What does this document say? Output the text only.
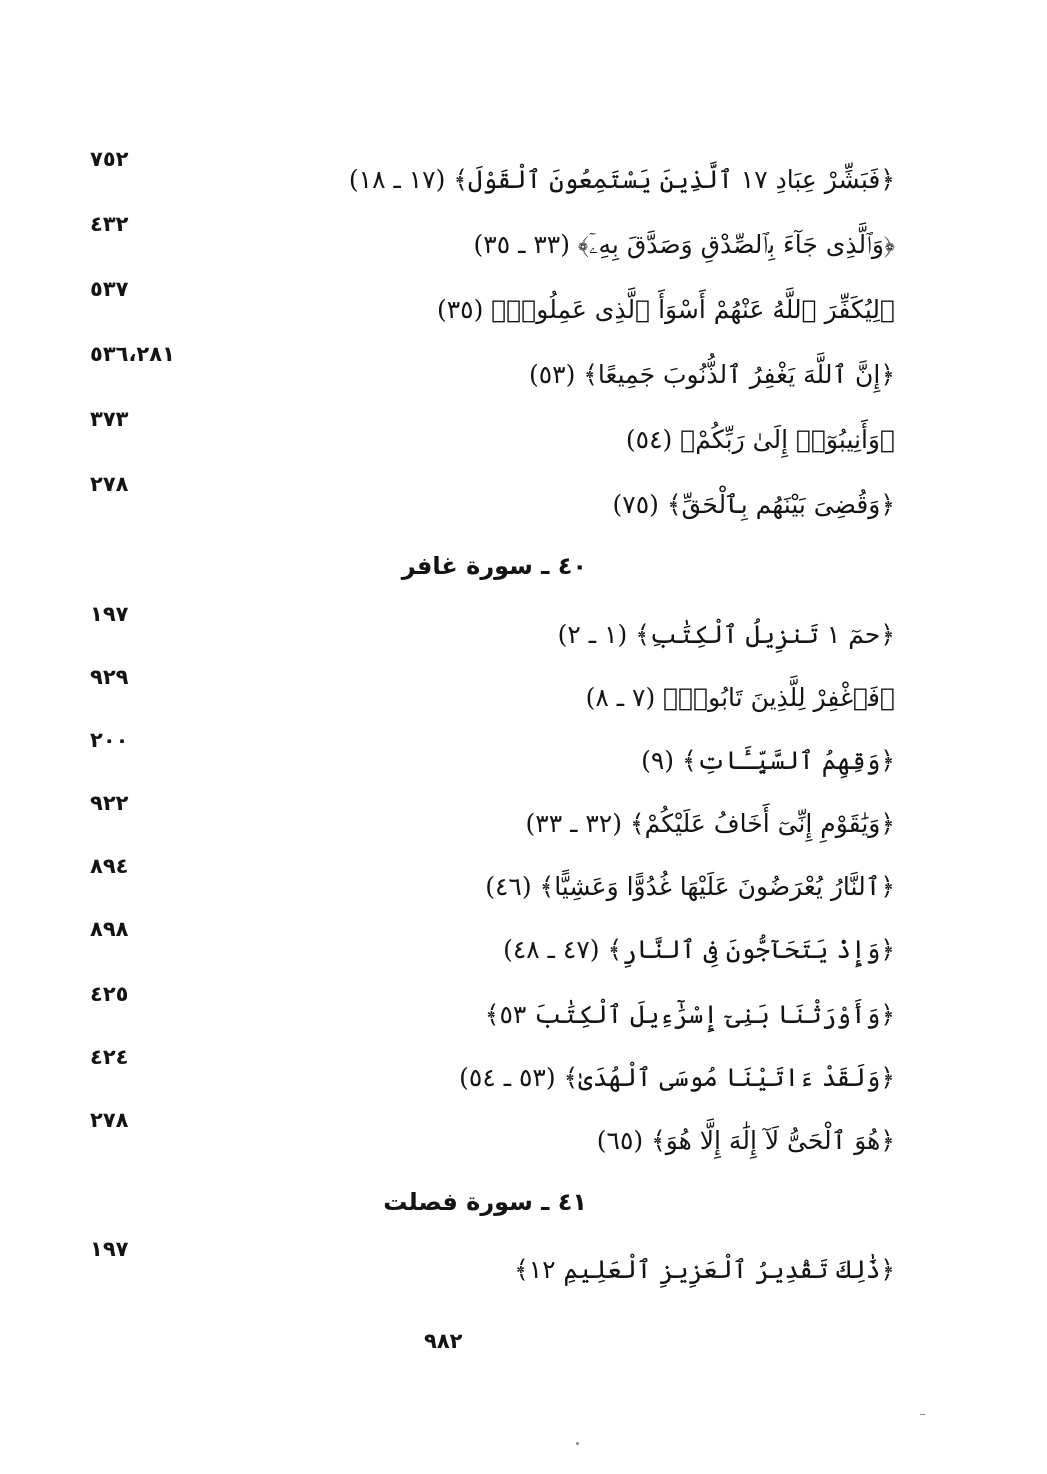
﴿فَبَشِّرْ عِبَادِ ١٧ ٱلَّذِينَ يَسْتَمِعُونَ ٱلْقَوْلَ﴾ (١٧ ـ ١٨)
٧٥٢
﴿وَٱلَّذِى جَآءَ بِٱلصِّدْقِ وَصَدَّقَ بِهِۦٓ﴾ (٣٣ ـ ٣٥)
٤٣٢
﴿لِيُكَفِّرَ ٱللَّهُ عَنْهُمْ أَسْوَأَ ٱلَّذِى عَمِلُوا۟﴾ (٣٥)
٥٣٧
﴿إِنَّ ٱللَّهَ يَغْفِرُ ٱلذُّنُوبَ جَمِيعًا﴾ (٥٣)
٥٣٦،٢٨١
﴿وَأَنِيبُوٓا۟ إِلَىٰ رَبِّكُمْ﴾ (٥٤)
٣٧٣
﴿وَقُضِىَ بَيْنَهُم بِٱلْحَقِّ﴾ (٧٥)
٢٧٨
٤٠ ـ سورة غافر
﴿حمٓ ١ تَنزِيلُ ٱلْكِتَٰبِ﴾ (١ ـ ٢)
١٩٧
﴿فَٱغْفِرْ لِلَّذِينَ تَابُوا۟﴾ (٧ ـ ٨)
٩٢٩
﴿وَقِهِمُ ٱلسَّيِّـَٔاتِ﴾ (٩)
٢٠٠
﴿وَيَٰقَوْمِ إِنِّىٓ أَخَافُ عَلَيْكُمْ﴾ (٣٢ ـ ٣٣)
٩٢٢
﴿ٱلنَّارُ يُعْرَضُونَ عَلَيْهَا غُدُوًّا وَعَشِيًّا﴾ (٤٦)
٨٩٤
﴿وَإِذْ يَتَحَآجُّونَ فِى ٱلنَّارِ﴾ (٤٧ ـ ٤٨)
٨٩٨
﴿وَأَوْرَثْنَا بَنِىٓ إِسْرَٰٓءِيلَ ٱلْكِتَٰبَ ٥٣﴾
٤٢٥
﴿وَلَقَدْ ءَاتَيْنَا مُوسَى ٱلْهُدَىٰ﴾ (٥٣ ـ ٥٤)
٤٢٤
﴿هُوَ ٱلْحَىُّ لَآ إِلَٰهَ إِلَّا هُوَ﴾ (٦٥)
٢٧٨
٤١ ـ سورة فصلت
﴿ذَٰلِكَ تَقْدِيرُ ٱلْعَزِيزِ ٱلْعَلِيمِ ١٢﴾
١٩٧
٩٨٢
